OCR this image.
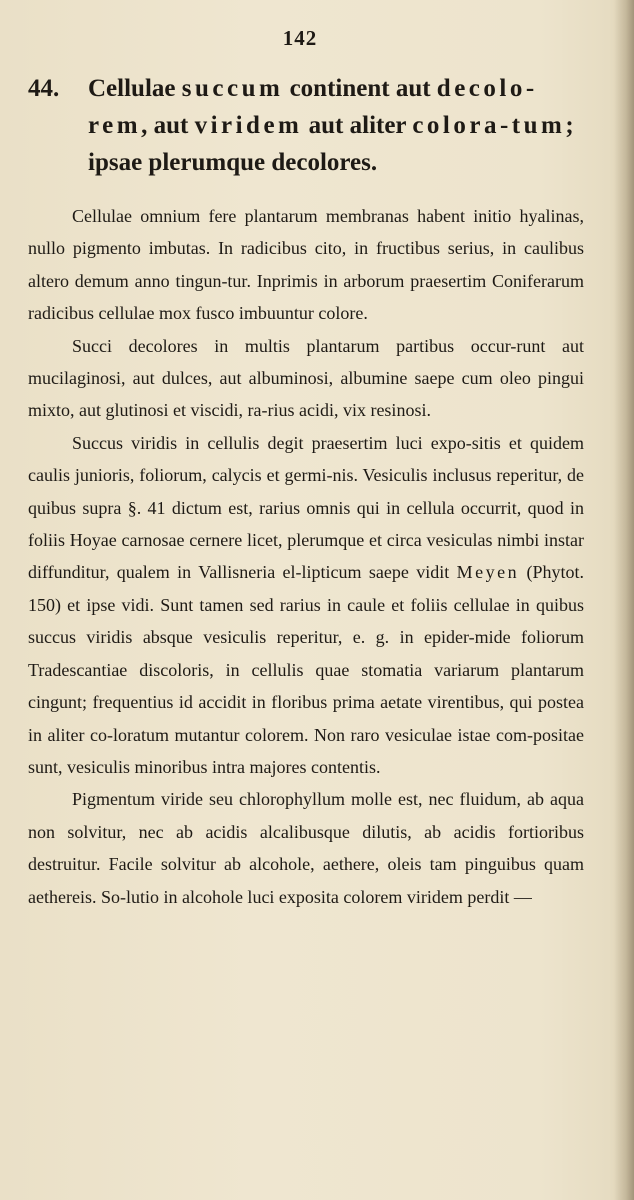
142
44. Cellulae succum continent aut decolo-rem, aut viridem aut aliter colora-tum; ipsae plerumque decolores.

Cellulae omnium fere plantarum membranas habent initio hyalinas, nullo pigmento imbutas. In radicibus cito, in fructibus serius, in caulibus altero demum anno tingun-tur. Inprimis in arborum praesertim Coniferarum radicibus cellulae mox fusco imbuuntur colore.

Succi decolores in multis plantarum partibus occur-runt aut mucilaginosi, aut dulces, aut albuminosi, albumine saepe cum oleo pingui mixto, aut glutinosi et viscidi, ra-rius acidi, vix resinosi.

Succus viridis in cellulis degit praesertim luci expo-sitis et quidem caulis junioris, foliorum, calycis et germi-nis. Vesiculis inclusus reperitur, de quibus supra §. 41 dictum est, rarius omnis qui in cellula occurrit, quod in foliis Hoyae carnosae cernere licet, plerumque et circa vesiculas nimbi instar diffunditur, qualem in Vallisneria el-lipticum saepe vidit Meyen (Phytot. 150) et ipse vidi. Sunt tamen sed rarius in caule et foliis cellulae in quibus succus viridis absque vesiculis reperitur, e. g. in epider-mide foliorum Tradescantiae discoloris, in cellulis quae stomatia variarum plantarum cingunt; frequentius id accidit in floribus prima aetate virentibus, qui postea in aliter co-loratum mutantur colorem. Non raro vesiculae istae com-positae sunt, vesiculis minoribus intra majores contentis.

Pigmentum viride seu chlorophyllum molle est, nec fluidum, ab aqua non solvitur, nec ab acidis alcalibusque dilutis, ab acidis fortioribus destruitur. Facile solvitur ab alcohole, aethere, oleis tam pinguibus quam aethereis. So-lutio in alcohole luci exposita colorem viridem perdit —
